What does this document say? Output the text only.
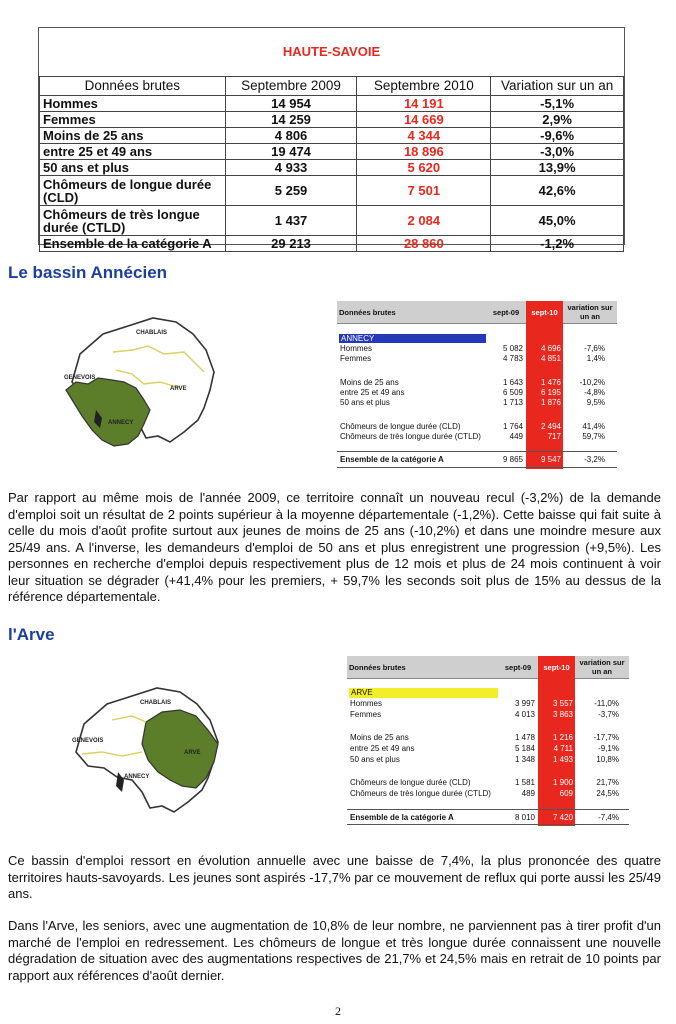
HAUTE-SAVOIE
Données brutes	Septembre 2009	Septembre 2010	Variation sur un an
Hommes	14 954	14 191	-5,1%
Femmes	14 259	14 669	2,9%
Moins de 25 ans	4 806	4 344	-9,6%
entre 25 et 49 ans	19 474	18 896	-3,0%
50 ans et plus	4 933	5 620	13,9%
Chômeurs de longue durée (CLD)	5 259	7 501	42,6%
Chômeurs de très longue durée (CTLD)	1 437	2 084	45,0%
Ensemble de la catégorie A	29 213	28 860	-1,2%
Le bassin Annécien
CHABLAIS
GENEVOIS
ARVE
ANNECY
Données brutes	sept-09	sept-10	variation sur un an
ANNECY
Hommes	5 082	4 696	-7,6%
Femmes	4 783	4 851	1,4%
Moins de 25 ans	1 643	1 476	-10,2%
entre 25 et 49 ans	6 509	6 195	-4,8%
50 ans et plus	1 713	1 876	9,5%
Chômeurs de longue durée (CLD)	1 764	2 494	41,4%
Chômeurs de très longue durée (CTLD)	449	717	59,7%
Ensemble de la catégorie A	9 865	9 547	-3,2%

Par rapport au même mois de l'année 2009, ce territoire connaît un nouveau recul (-3,2%) de la demande d'emploi soit un résultat de 2 points supérieur à la moyenne départementale (-1,2%). Cette baisse qui fait suite à celle du mois d'août profite surtout aux jeunes de moins de 25 ans (-10,2%) et dans une moindre mesure aux 25/49 ans. A l'inverse, les demandeurs d'emploi de 50 ans et plus enregistrent une progression (+9,5%). Les personnes en recherche d'emploi depuis respectivement plus de 12 mois et plus de 24 mois continuent à voir leur situation se dégrader (+41,4% pour les premiers, + 59,7% les seconds soit plus de 15% au dessus de la référence départementale.

l'Arve
CHABLAIS
GENEVOIS
ARVE
ANNECY
Données brutes	sept-09	sept-10	variation sur un an
ARVE
Hommes	3 997	3 557	-11,0%
Femmes	4 013	3 863	-3,7%
Moins de 25 ans	1 478	1 216	-17,7%
entre 25 et 49 ans	5 184	4 711	-9,1%
50 ans et plus	1 348	1 493	10,8%
Chômeurs de longue durée (CLD)	1 581	1 900	21,7%
Chômeurs de très longue durée (CTLD)	489	609	24,5%
Ensemble de la catégorie A	8 010	7 420	-7,4%

Ce bassin d'emploi ressort en évolution annuelle avec une baisse de 7,4%, la plus prononcée des quatre territoires hauts-savoyards. Les jeunes sont aspirés -17,7% par ce mouvement de reflux qui porte aussi les 25/49 ans.

Dans l'Arve, les seniors, avec une augmentation de 10,8% de leur nombre, ne parviennent pas à tirer profit d'un marché de l'emploi en redressement. Les chômeurs de longue et très longue durée connaissent une nouvelle dégradation de situation avec des augmentations respectives de 21,7% et 24,5% mais en retrait de 10 points par rapport aux références d'août dernier.

2
